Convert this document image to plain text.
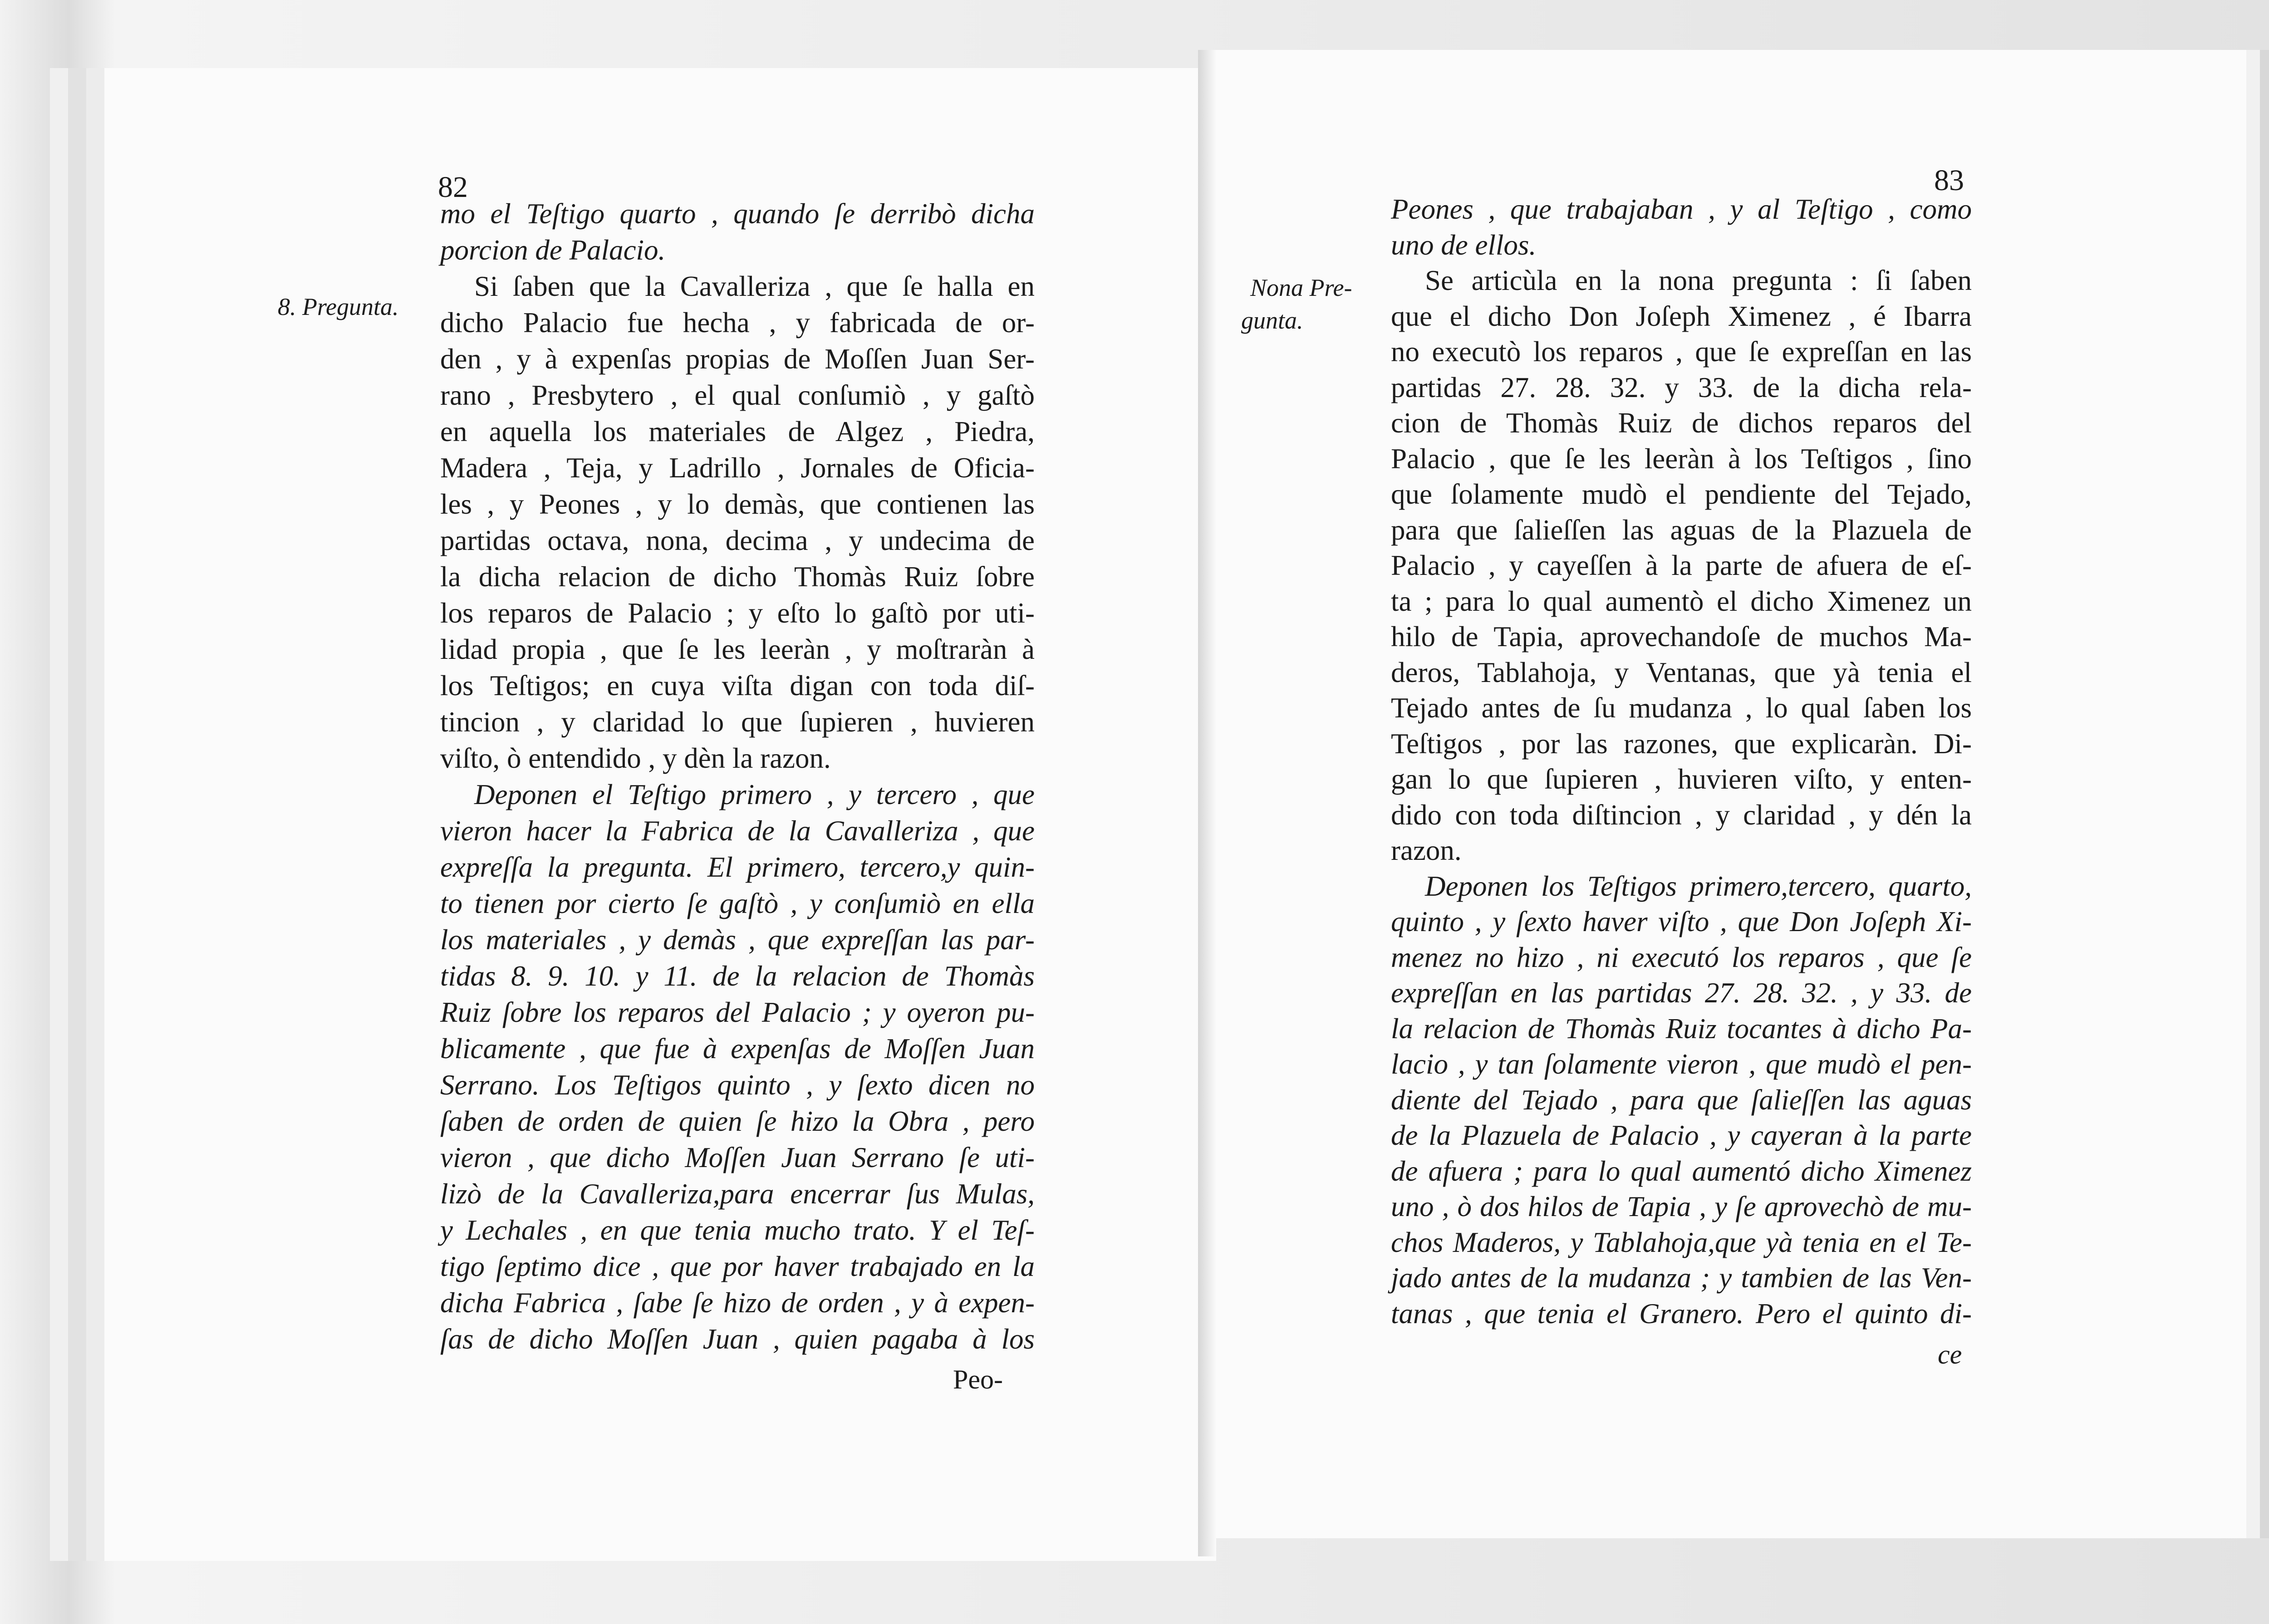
82
8. Pregunta.
mo el Teſtigo quarto , quando ſe derribò dicha
porcion de Palacio.
Si ſaben que la Cavalleriza , que ſe halla en
dicho Palacio fue hecha , y fabricada de or-
den , y à expenſas propias de Moſſen Juan Ser-
rano , Presbytero , el qual conſumiò , y gaſtò
en aquella los materiales de Algez , Piedra,
Madera , Teja, y Ladrillo , Jornales de Oficia-
les , y Peones , y lo demàs, que contienen las
partidas octava, nona, decima , y undecima de
la dicha relacion de dicho Thomàs Ruiz ſobre
los reparos de Palacio ; y eſto lo gaſtò por uti-
lidad propia , que ſe les leeràn , y moſtraràn à
los Teſtigos; en cuya viſta digan con toda diſ-
tincion , y claridad lo que ſupieren , huvieren
viſto, ò entendido , y dèn la razon.
Deponen el Teſtigo primero , y tercero , que
vieron hacer la Fabrica de la Cavalleriza , que
expreſſa la pregunta. El primero, tercero,y quin-
to tienen por cierto ſe gaſtò , y conſumiò en ella
los materiales , y demàs , que expreſſan las par-
tidas 8. 9. 10. y 11. de la relacion de Thomàs
Ruiz ſobre los reparos del Palacio ; y oyeron pu-
blicamente , que fue à expenſas de Moſſen Juan
Serrano. Los Teſtigos quinto , y ſexto dicen no
ſaben de orden de quien ſe hizo la Obra , pero
vieron , que dicho Moſſen Juan Serrano ſe uti-
lizò de la Cavalleriza,para encerrar ſus Mulas,
y Lechales , en que tenia mucho trato. Y el Teſ-
tigo ſeptimo dice , que por haver trabajado en la
dicha Fabrica , ſabe ſe hizo de orden , y à expen-
ſas de dicho Moſſen Juan , quien pagaba à los
Peo-
83
Nona Pre-
gunta.
Peones , que trabajaban , y al Teſtigo , como
uno de ellos.
Se articùla en la nona pregunta : ſi ſaben
que el dicho Don Joſeph Ximenez , é Ibarra
no executò los reparos , que ſe expreſſan en las
partidas 27. 28. 32. y 33. de la dicha rela-
cion de Thomàs Ruiz de dichos reparos del
Palacio , que ſe les leeràn à los Teſtigos , ſino
que ſolamente mudò el pendiente del Tejado,
para que ſalieſſen las aguas de la Plazuela de
Palacio , y cayeſſen à la parte de afuera de eſ-
ta ; para lo qual aumentò el dicho Ximenez un
hilo de Tapia, aprovechandoſe de muchos Ma-
deros, Tablahoja, y Ventanas, que yà tenia el
Tejado antes de ſu mudanza , lo qual ſaben los
Teſtigos , por las razones, que explicaràn. Di-
gan lo que ſupieren , huvieren viſto, y enten-
dido con toda diſtincion , y claridad , y dén la
razon.
Deponen los Teſtigos primero,tercero, quarto,
quinto , y ſexto haver viſto , que Don Joſeph Xi-
menez no hizo , ni executó los reparos , que ſe
expreſſan en las partidas 27. 28. 32. , y 33. de
la relacion de Thomàs Ruiz tocantes à dicho Pa-
lacio , y tan ſolamente vieron , que mudò el pen-
diente del Tejado , para que ſalieſſen las aguas
de la Plazuela de Palacio , y cayeran à la parte
de afuera ; para lo qual aumentó dicho Ximenez
uno , ò dos hilos de Tapia , y ſe aprovechò de mu-
chos Maderos, y Tablahoja,que yà tenia en el Te-
jado antes de la mudanza ; y tambien de las Ven-
tanas , que tenia el Granero. Pero el quinto di-
ce
